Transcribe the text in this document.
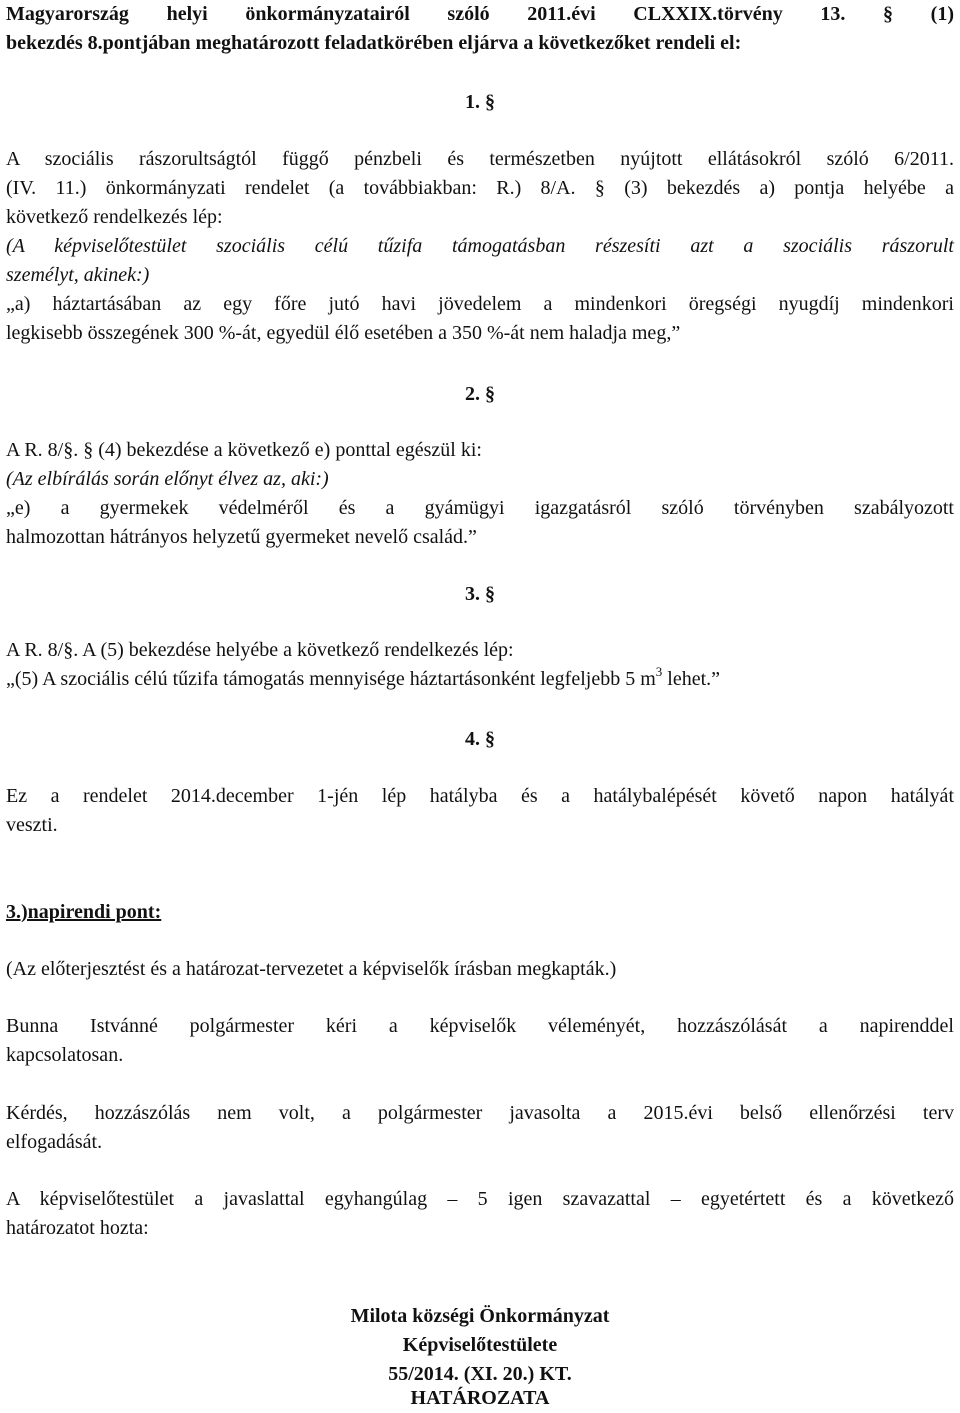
Magyarország helyi önkormányzatairól szóló 2011.évi CLXXIX.törvény 13. § (1)
bekezdés 8.pontjában meghatározott feladatkörében eljárva a következőket rendeli el:
1. §
A szociális rászorultságtól függő pénzbeli és természetben nyújtott ellátásokról szóló 6/2011.
(IV. 11.) önkormányzati rendelet (a továbbiakban: R.) 8/A. § (3) bekezdés a) pontja helyébe a
következő rendelkezés lép:
(A képviselőtestület szociális célú tűzifa támogatásban részesíti azt a szociális rászorult
személyt, akinek:)
„a) háztartásában az egy főre jutó havi jövedelem a mindenkori öregségi nyugdíj mindenkori
legkisebb összegének 300 %-át, egyedül élő esetében a 350 %-át nem haladja meg,”
2. §
A R. 8/§. § (4) bekezdése a következő e) ponttal egészül ki:
(Az elbírálás során előnyt élvez az, aki:)
„e) a gyermekek védelméről és a gyámügyi igazgatásról szóló törvényben szabályozott
halmozottan hátrányos helyzetű gyermeket nevelő család.”
3. §
A R. 8/§. A (5) bekezdése helyébe a következő rendelkezés lép:
„(5) A szociális célú tűzifa támogatás mennyisége háztartásonként legfeljebb 5 $m^3$ lehet.”
4. §
Ez a rendelet 2014.december 1-jén lép hatályba és a hatálybalépését követő napon hatályát
veszti.
3.)napirendi pont:
(Az előterjesztést és a határozat-tervezetet a képviselők írásban megkapták.)
Bunna Istvánné polgármester kéri a képviselők véleményét, hozzászólását a napirenddel
kapcsolatosan.
Kérdés, hozzászólás nem volt, a polgármester javasolta a 2015.évi belső ellenőrzési terv
elfogadását.
A képviselőtestület a javaslattal egyhangúlag – 5 igen szavazattal – egyetértett és a következő
határozatot hozta:
Milota községi Önkormányzat
Képviselőtestülete
55/2014. (XI. 20.) KT.
HATÁROZATA
